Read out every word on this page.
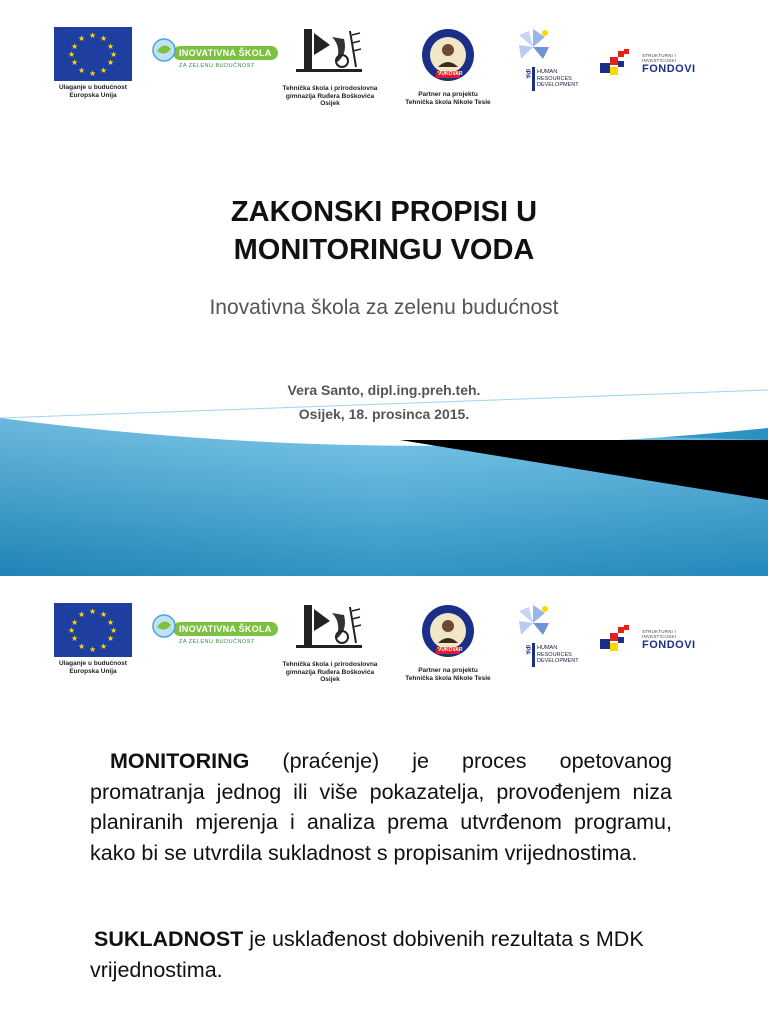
★ ★
★
★
★
★
★
★
★
★
★
★
Ulaganje u budućnost
Europska Unija
INOVATIVNA ŠKOLA
ZA ZELENU BUDUĆNOST
Tehnička škola i prirodoslovna
gimnazija Ruđera Boškovića
Osijek
VUKOVAR
Partner na projektu
Tehnička škola Nikole Tesle
IPA HUMAN
RESOURCES
DEVELOPMENT
STRUKTURNI I INVESTICIJSKI
FONDOVI
ZAKONSKI PROPISI U
MONITORINGU VODA
Inovativna škola za zelenu budućnost
Vera Santo, dipl.ing.preh.teh.
Osijek, 18. prosinca 2015.
★ ★
★
★
★
★
★
★
★
★
★
★
Ulaganje u budućnost
Europska Unija
INOVATIVNA ŠKOLA
ZA ZELENU BUDUĆNOST
Tehnička škola i prirodoslovna
gimnazija Ruđera Boškovića
Osijek
VUKOVAR
Partner na projektu
Tehnička škola Nikole Tesle
IPA HUMAN
RESOURCES
DEVELOPMENT
STRUKTURNI I INVESTICIJSKI
FONDOVI
MONITORING (praćenje) je proces opetovanog promatranja jednog ili više pokazatelja, provođenjem niza planiranih mjerenja i analiza prema utvrđenom programu, kako bi se utvrdila sukladnost s propisanim vrijednostima.
SUKLADNOST je usklađenost dobivenih rezultata s MDK vrijednostima.
